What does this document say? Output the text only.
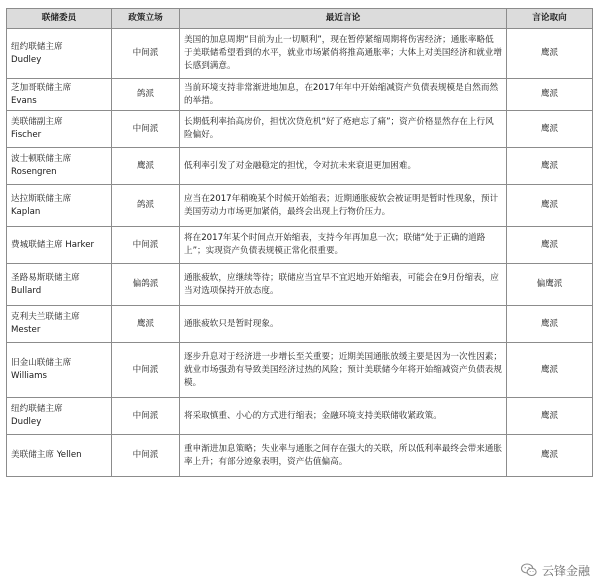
联储委员	政策立场	最近言论	言论取向

纽约联储主席
Dudley	中间派	美国的加息周期“目前为止一切顺利”，现在暂停紧缩周期将伤害经济；通胀率略低于美联储希望看到的水平，就业市场紧俏将推高通胀率；大体上对美国经济和就业增长感到满意。	鹰派

芝加哥联储主席
Evans	鸽派	当前环境支持非常渐进地加息，在2017年年中开始缩减资产负债表规模是自然而然的举措。	鹰派

美联储副主席
Fischer	中间派	长期低利率抬高房价，担忧次贷危机“好了疮疤忘了痛”；资产价格显然存在上行风险偏好。	鹰派

波士顿联储主席
Rosengren	鹰派	低利率引发了对金融稳定的担忧，令对抗未来衰退更加困难。	鹰派

达拉斯联储主席
Kaplan	鸽派	应当在2017年稍晚某个时候开始缩表；近期通胀疲软会被证明是暂时性现象，预计美国劳动力市场更加紧俏，最终会出现上行物价压力。	鹰派

费城联储主席 Harker	中间派	将在2017年某个时间点开始缩表，支持今年再加息一次；联储“处于正确的道路上”；实现资产负债表规模正常化很重要。	鹰派

圣路易斯联储主席
Bullard	偏鸽派	通胀疲软，应继续等待；联储应当宜早不宜迟地开始缩表，可能会在9月份缩表，应当对选项保持开放态度。	偏鹰派

克利夫兰联储主席
Mester	鹰派	通胀疲软只是暂时现象。	鹰派

旧金山联储主席
Williams	中间派	逐步升息对于经济进一步增长至关重要；近期美国通胀放缓主要是因为一次性因素；就业市场强劲有导致美国经济过热的风险；预计美联储今年将开始缩减资产负债表规模。	鹰派

纽约联储主席
Dudley	中间派	将采取慎重、小心的方式进行缩表；金融环境支持美联储收紧政策。	鹰派

美联储主席 Yellen	中间派	重申渐进加息策略；失业率与通胀之间存在强大的关联，所以低利率最终会带来通胀率上升；有部分迹象表明，资产估值偏高。	鹰派
云锋金融
